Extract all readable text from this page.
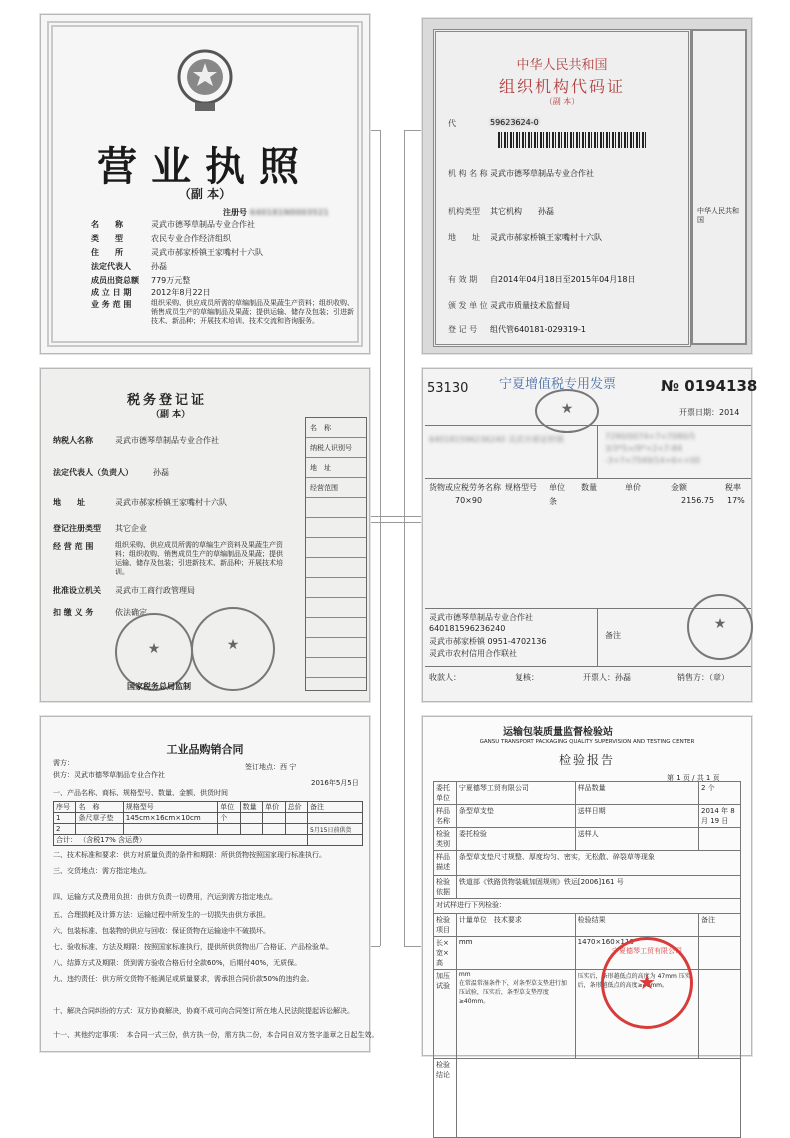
营业执照
（副 本）
注册号 640181N0003521
名　　称	灵武市德琴草制品专业合作社
类　　型	农民专业合作经济组织
住　　所	灵武市郝家桥镇王家嘴村十六队
法定代表人	孙磊
成员出资总额 779万元整
成 立 日 期 2012年8月22日
业 务 范 围	组织采购、供应成员所需的草编制品及果蔬生产资料；组织收购、销售成员生产的草编制品及果蔬；提供运输、储存及包装；引进新技术、新品种；开展技术培训、技术交流和咨询服务。
中华人民共和国
组织机构代码证
（副 本）
代	59623624-0
机 构 名 称 灵武市德琴草制品专业合作社
机构类型 其它机构　　孙磊
地　　址 灵武市郝家桥镇王家嘴村十六队
有 效 期 自2014年04月18日至2015年04月18日
颁 发 单 位 灵武市质量技术监督局
登 记 号 组代管640181-029319-1
中华人民共和国
税务登记证
（副 本）
纳税人名称	灵武市德琴草制品专业合作社
法定代表人（负责人）	孙磊
地　　址	灵武市郝家桥镇王家嘴村十六队
登记注册类型 其它企业
经 营 范 围	组织采购、供应成员所需的草编生产资料及果蔬生产资料；组织收购、销售成员生产的草编制品及果蔬；提供运输、储存及包装；引进新技术、新品种；开展技术培训。
批准设立机关 灵武市工商行政管理局
扣 缴 义 务	依法确定
名　称
纳税人识别号
地　址
经营范围
★	★
国家税务总局监制
53130 宁夏增值税专用发票	№ 0194138
★	开票日期：2014
640181596236240 灵武市郝家桥镇	7290/0074+7<7080/5
3/3*5>/9*+2<7-84
-3+7<7549/14+6<+00
货物或应税劳务名称 规格型号 单位 数量	单价	金额	税率
70×90	条	2156.75 17%
灵武市德琴草制品专业合作社
640181596236240
灵武市郝家桥镇 0951-4702136
灵武市农村信用合作联社
备注
★
收款人：	复核：	开票人：孙磊	销售方：（章）
工业品购销合同
需方：	签订地点：西 宁
供方：灵武市德琴草制品专业合作社
2016年5月5日
一、产品名称、商标、规格型号、数量、金额、供货时间
序号	名　称	规格型号	单位	数量	单价	总价	备注
1	条尺草子垫	145cm×16cm×10cm	个				
2							5月15日前供货
合计： （含税17% 含运费）							
二、技术标准和要求：供方对质量负责的条件和期限：所供货物按照国家现行标准执行。
三、交货地点：需方指定地点。
四、运输方式及费用负担：由供方负责一切费用，汽运到需方指定地点。
五、合理损耗及计算方法：运输过程中所发生的一切损失由供方承担。
六、包装标准、包装物的供应与回收：保证货物在运输途中不破损坏。
七、验收标准、方法及期限：按照国家标准执行，提供所供货物出厂合格证、产品检验单。
八、结算方式及期限：货到需方验收合格后付全款60%，后期付40%，无质保。
九、违约责任：供方所交货物不能满足或质量要求，需承担合同价款50%的违约金。
十、解决合同纠纷的方式：双方协商解决，协商不成可向合同签订所在地人民法院提起诉讼解决。
十一、其他约定事项：　本合同一式三份，供方执一份，需方执二份，本合同自双方签字盖章之日起生效。
运输包装质量监督检验站
GANSU TRANSPORT PACKAGING QUALITY SUPERVISION AND TESTING CENTER
检验报告
第 1 页 / 共 1 页
委托单位	宁夏德琴工贸有限公司	样品数量	2 个
样品名称	条型草支垫	送样日期	2014 年 8 月 19 日
检验类别	委托检验	送样人	
样品描述	条型草支垫尺寸规整、厚度均匀、密实，无松散、碎裂草等现象		
检验依据	铁道部《铁路货物装载加固规则》铁运[2006]161 号		
对试样进行下列检验：			
检验项目	计量单位　 技术要求	检验结果	备注
长×宽×高	mm	1470×160×110	
加压试验	mm
在常温常湿条件下，对条型草支垫进行加压试验，压实后，条型草支垫厚度≥40mm。	压实后，条形越低点的高度为 47mm 压实后，条形越低点的高度≥40mm。	
检验结论			
宁夏德琴工贸有限公司
★
